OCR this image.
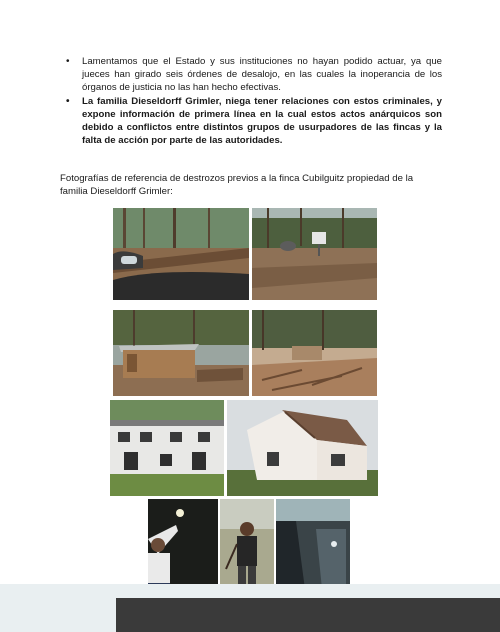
• Lamentamos que el Estado y sus instituciones no hayan podido actuar, ya que jueces han girado seis órdenes de desalojo, en las cuales la inoperancia de los órganos de justicia no las han hecho efectivas.
• La familia Dieseldorff Grimler, niega tener relaciones con estos criminales, y expone información de primera línea en la cual estos actos anárquicos son debido a conflictos entre distintos grupos de usurpadores de las fincas y la falta de acción por parte de las autoridades.
Fotografías de referencia de destrozos previos a la finca Cubilguitz propiedad de la familia Dieseldorff Grimler:
